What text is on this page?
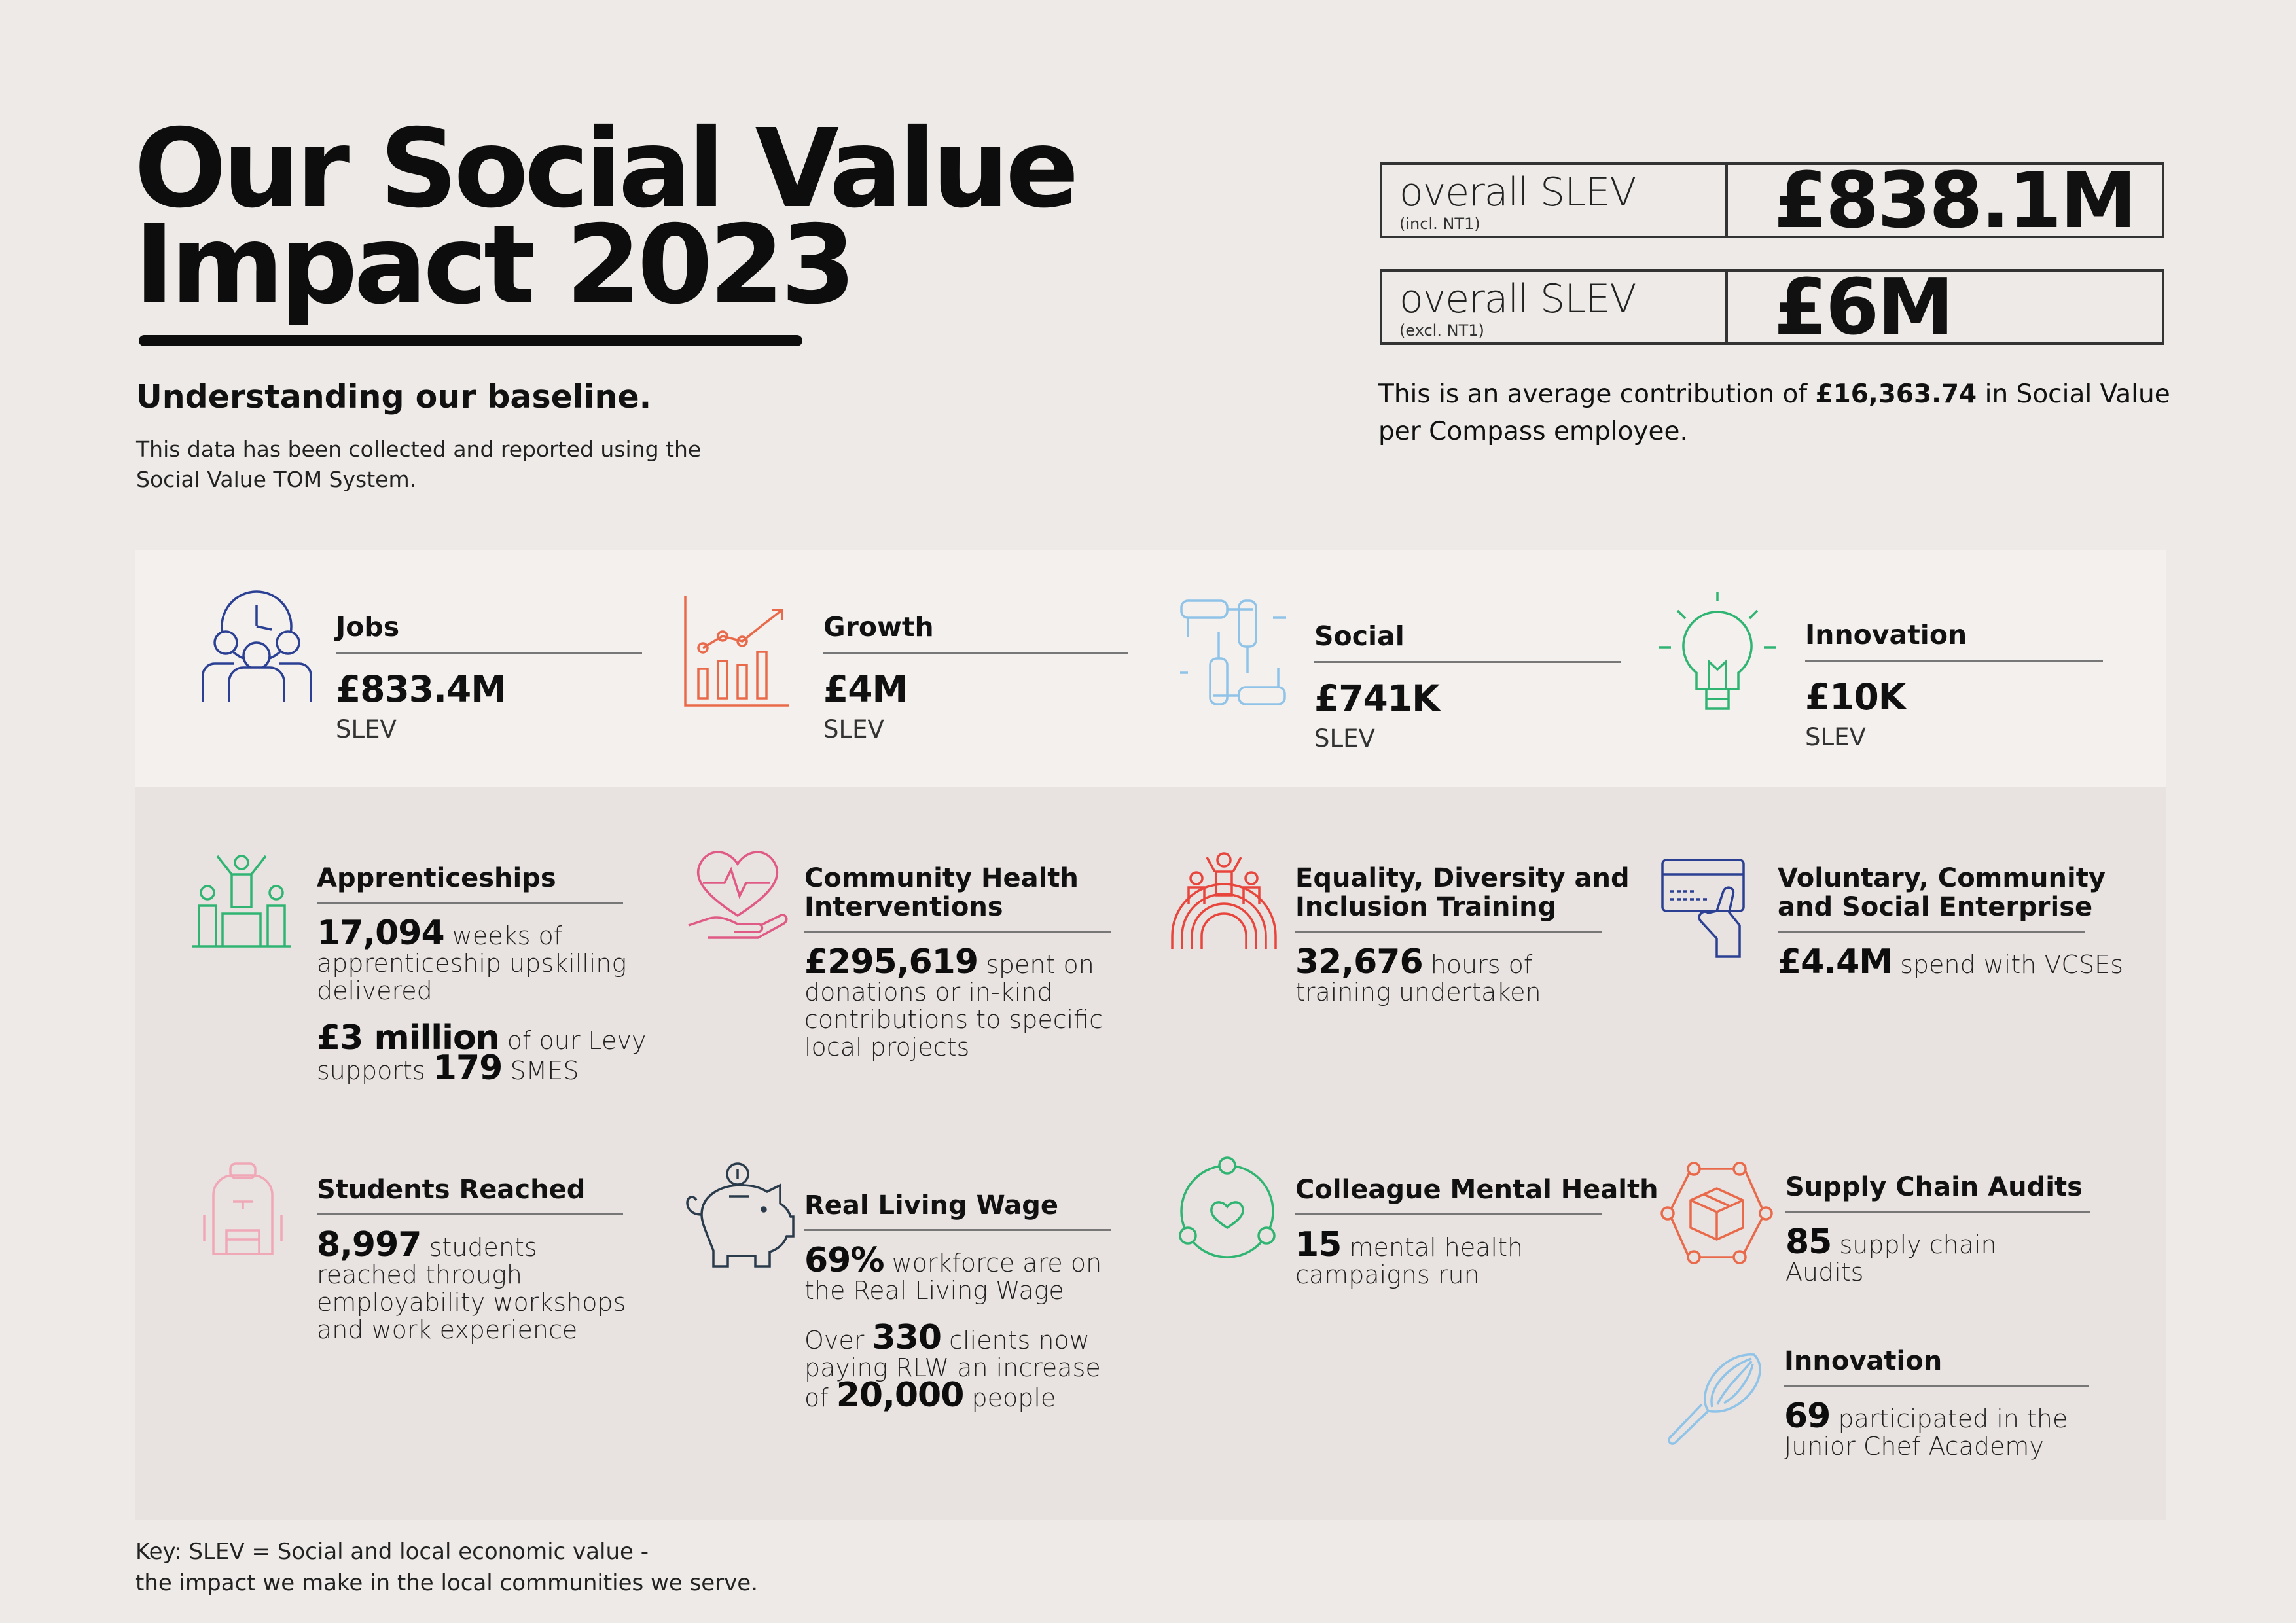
Our Social Value
Impact 2023
Understanding our baseline.
This data has been collected and reported using the
Social Value TOM System.
overall SLEV
(incl. NT1)	£838.1M
overall SLEV
(excl. NT1)	£6M
This is an average contribution of £16,363.74 in Social Value
per Compass employee.
Jobs
£833.4M
SLEV
Growth
£4M
SLEV
Social
£741K
SLEV
Innovation
£10K
SLEV
Apprenticeships
17,094 weeks of
apprenticeship upskilling
delivered
£3 million of our Levy
supports 179 SMES
Community Health
Interventions
£295,619 spent on
donations or in-kind
contributions to specific
local projects
Equality, Diversity and
Inclusion Training
32,676 hours of
training undertaken
Voluntary, Community
and Social Enterprise
£4.4M spend with VCSEs
Students Reached
8,997 students
reached through
employability workshops
and work experience
Real Living Wage
69% workforce are on
the Real Living Wage
Over 330 clients now
paying RLW an increase
of 20,000 people
Colleague Mental Health
15 mental health
campaigns run
Supply Chain Audits
85 supply chain
Audits
Innovation
69 participated in the
Junior Chef Academy
Key: SLEV = Social and local economic value -
the impact we make in the local communities we serve.
